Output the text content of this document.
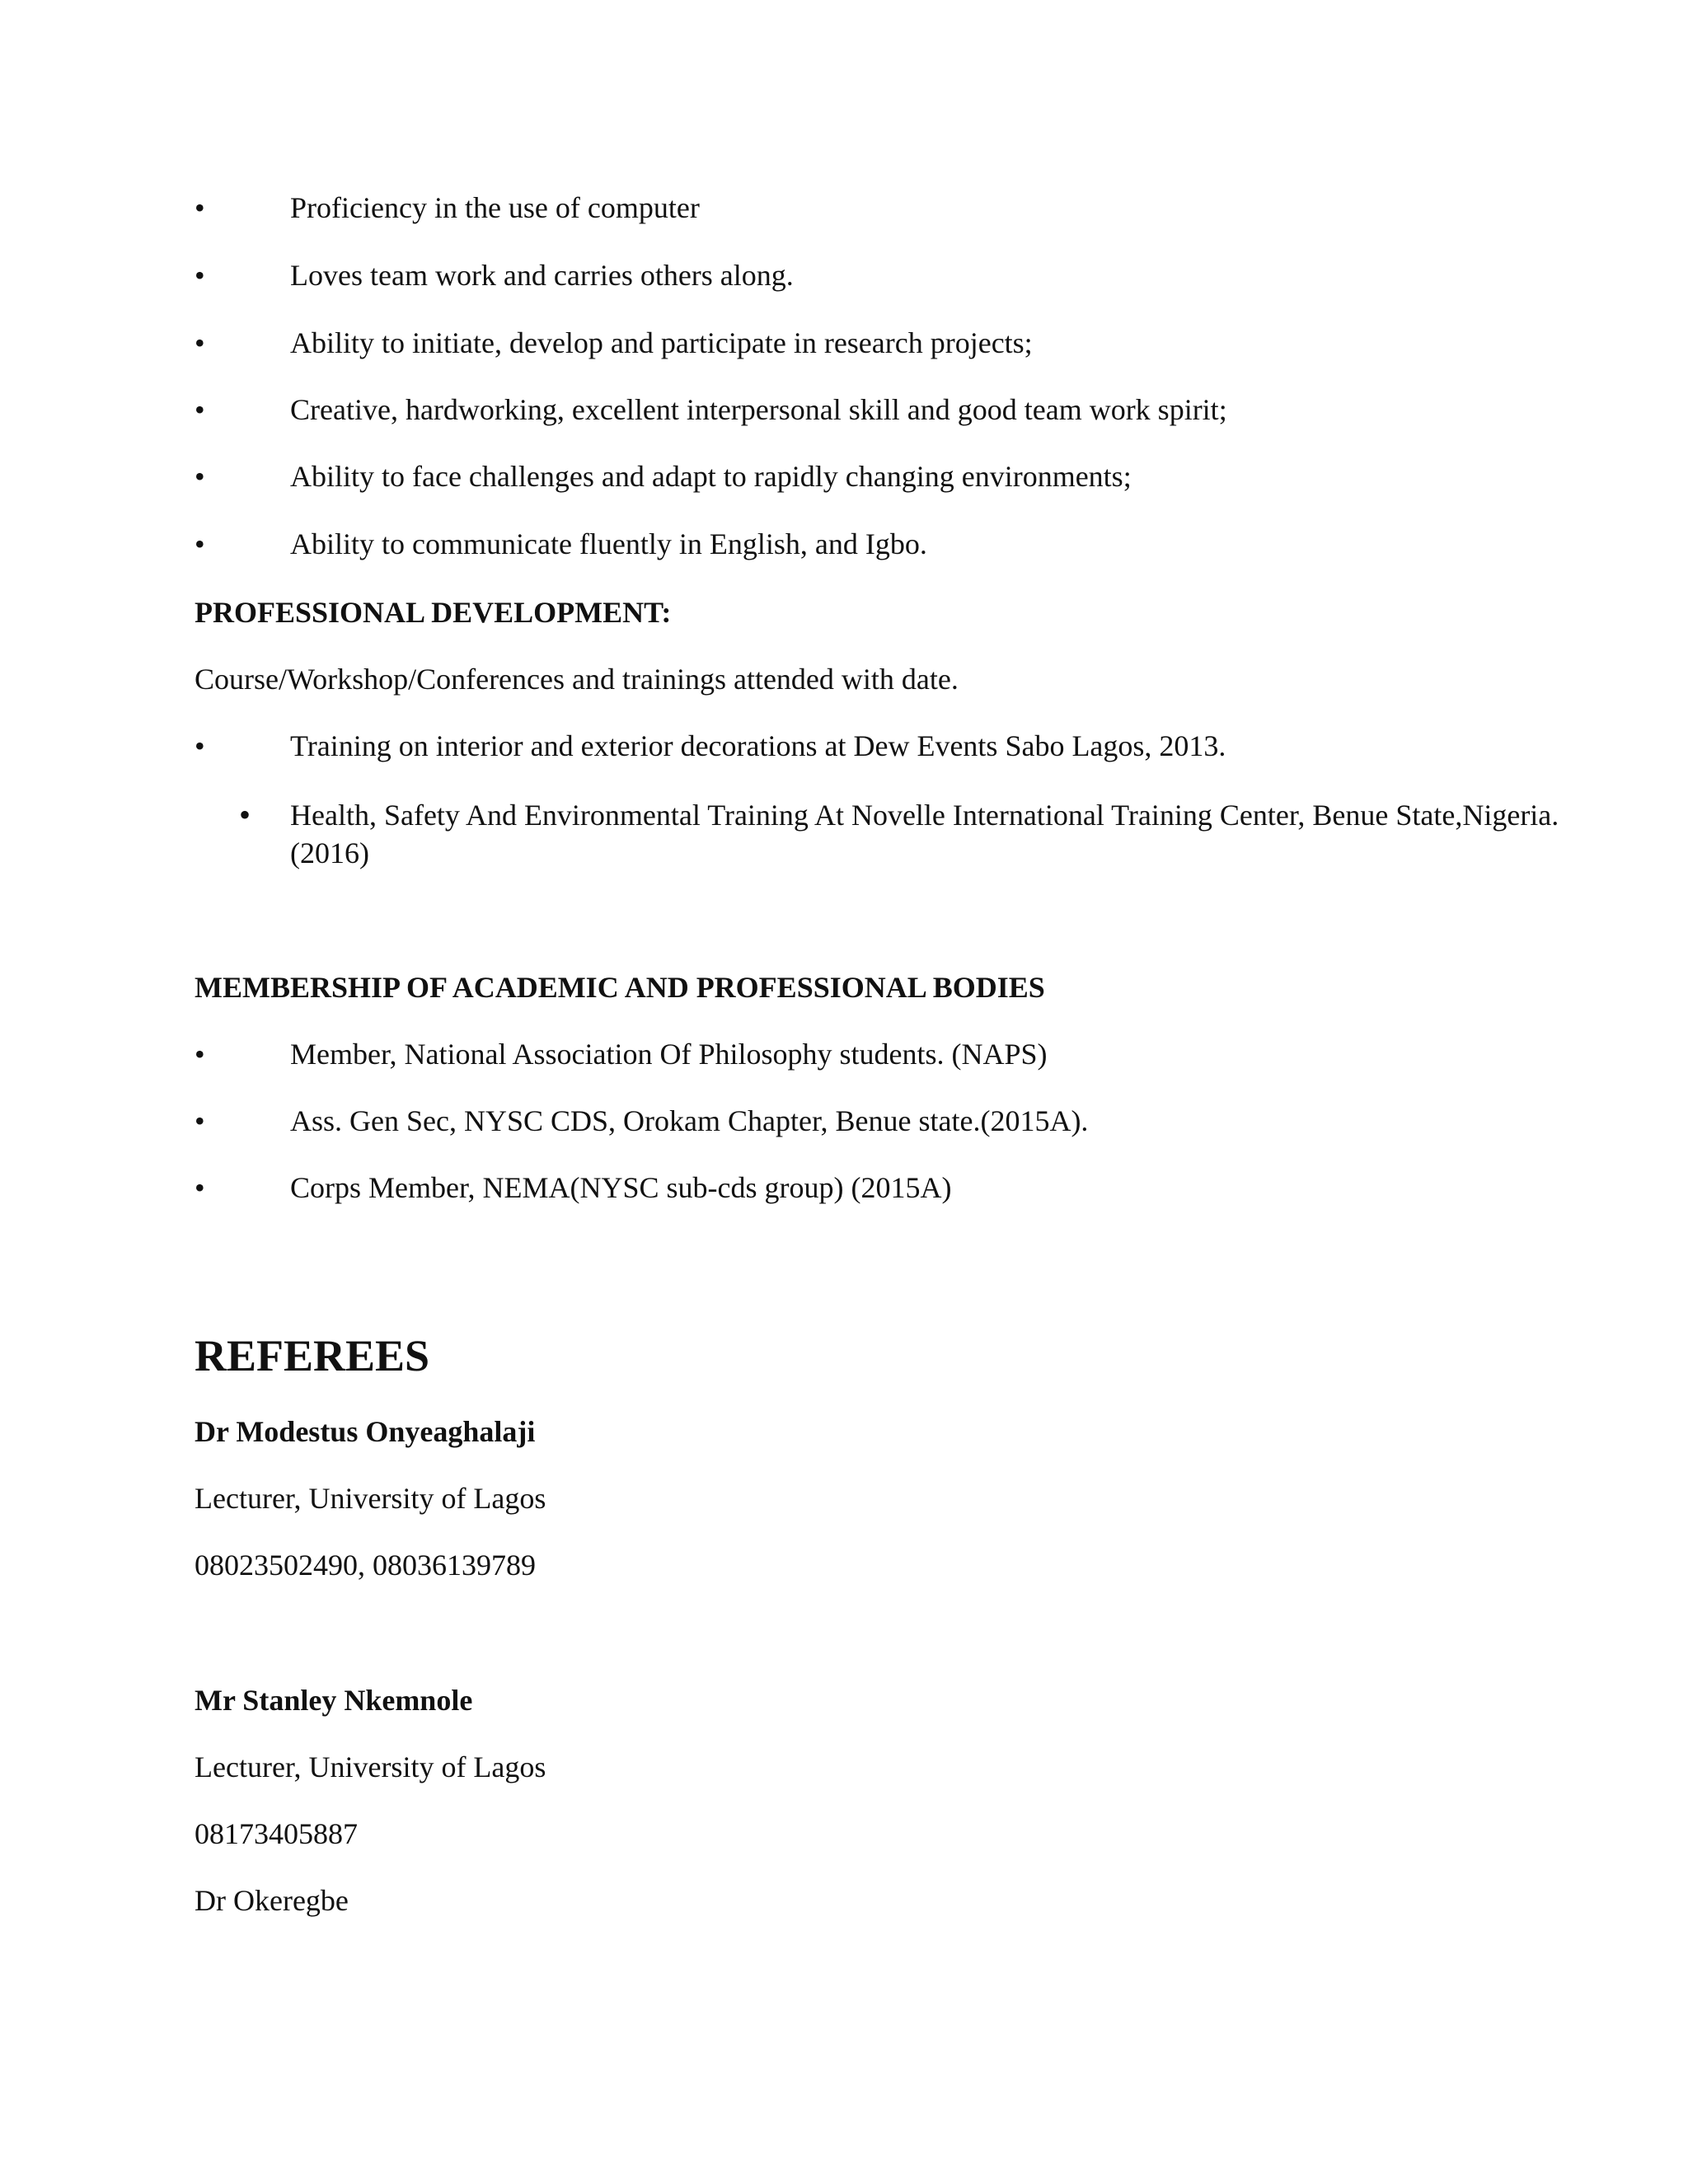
•	Proficiency in the use of computer
•	Loves team work and carries others along.
•	Ability to initiate, develop and participate in research projects;
•	Creative, hardworking, excellent interpersonal skill and good team work spirit;
•	Ability to face challenges and adapt to rapidly changing environments;
•	Ability to communicate fluently in English, and Igbo.
PROFESSIONAL DEVELOPMENT:
Course/Workshop/Conferences and trainings attended with date.
•	Training on interior and exterior decorations at Dew Events Sabo Lagos, 2013.
• Health, Safety And Environmental Training At Novelle International Training Center, Benue State,Nigeria.(2016)
MEMBERSHIP OF ACADEMIC AND PROFESSIONAL BODIES
•	Member, National Association Of Philosophy students. (NAPS)
•	Ass. Gen Sec, NYSC CDS, Orokam Chapter, Benue state.(2015A).
•	Corps Member, NEMA(NYSC sub-cds group) (2015A)
REFEREES
Dr Modestus Onyeaghalaji
Lecturer, University of Lagos
08023502490, 08036139789
Mr Stanley Nkemnole
Lecturer, University of Lagos
08173405887
Dr Okeregbe
